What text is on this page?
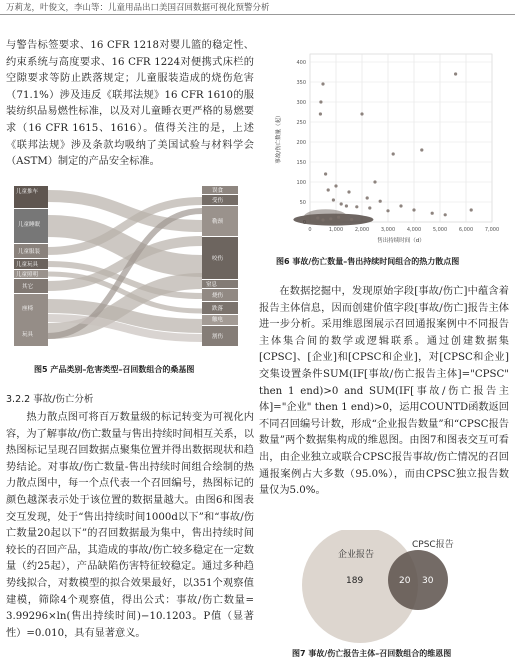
万莉龙，叶俊文，李山等：儿童用品出口美国召回数据可视化预警分析

与警告标签要求、16 CFR 1218对婴儿篮的稳定性、约束系统与高度要求、16 CFR 1224对便携式床栏的空隙要求等防止跌落规定；儿童服装造成的烧伤危害（71.1%）涉及违反《联邦法规》16 CFR 1610的服装纺织品易燃性标准，以及对儿童睡衣更严格的易燃要求（16 CFR 1615、1616）。值得关注的是，上述《联邦法规》涉及条款均吸纳了美国试验与材料学会（ASTM）制定的产品安全标准。

儿童推车
儿童睡眠
儿童服装
儿童玩具
儿童照明
其它
座椅
玩具
误食
受伤
勒颈
咬伤
窒息
烧伤
跌落
触电
割伤
图5 产品类别–危害类型–召回数组合的桑基图
3.2.2 事故/伤亡分析

热力散点图可将百万数量级的标记转变为可视化内容，为了解事故/伤亡数量与售出持续时间相互关系，以热图标记呈现召回数据点聚集位置并得出数据现状和趋势结论。对事故/伤亡数量-售出持续时间组合绘制的热力散点图中，每一个点代表一个召回编号，热图标记的颜色越深表示处于该位置的数据量越大。由图6和图表交互发现，处于“售出持续时间1000d以下”和“事故/伤亡数量20起以下”的召回数据最为集中，售出持续时间较长的召回产品，其造成的事故/伤亡较多稳定在一定数量（约25起），产品缺陷伤害特征较稳定。通过多种趋势线拟合，对数模型的拟合效果最好，以351个观察值建模，筛除4个观察值，得出公式：事故/伤亡数量= 3.99296×ln(售出持续时间)−10.1203。P值（显著性）=0.010，具有显著意义。

50
100
150
200
250
300
350
400
0	1,000 2,000 3,000 4,000 5,000 6,000 7,000
售出持续时间（d）
事故/伤亡数量（起）
图6 事故/伤亡数量–售出持续时间组合的热力散点图

在数据挖掘中，发现原始字段[事故/伤亡]中蕴含着报告主体信息，因而创建价值字段[事故/伤亡]报告主体进一步分析。采用维恩图展示召回通报案例中不同报告主体集合间的数学或逻辑联系。通过创建数据集[CPSC]、[企业]和[CPSC和企业]，对[CPSC和企业]交集设置条件SUM(IF[事故/伤亡报告主体]="CPSC" then 1 end)>0 and SUM(IF[事故/伤亡报告主体]="企业" then 1 end)>0，运用COUNTD函数返回不同召回编号计数，形成“企业报告数量”和“CPSC报告数量”两个数据集构成的维恩图。由图7和图表交互可看出，由企业独立或联合CPSC报告事故/伤亡情况的召回通报案例占大多数（95.0%），而由CPSC独立报告数量仅为5.0%。

企业报告
CPSC报告
189	20 30
图7 事故/伤亡报告主体–召回数组合的维恩图
